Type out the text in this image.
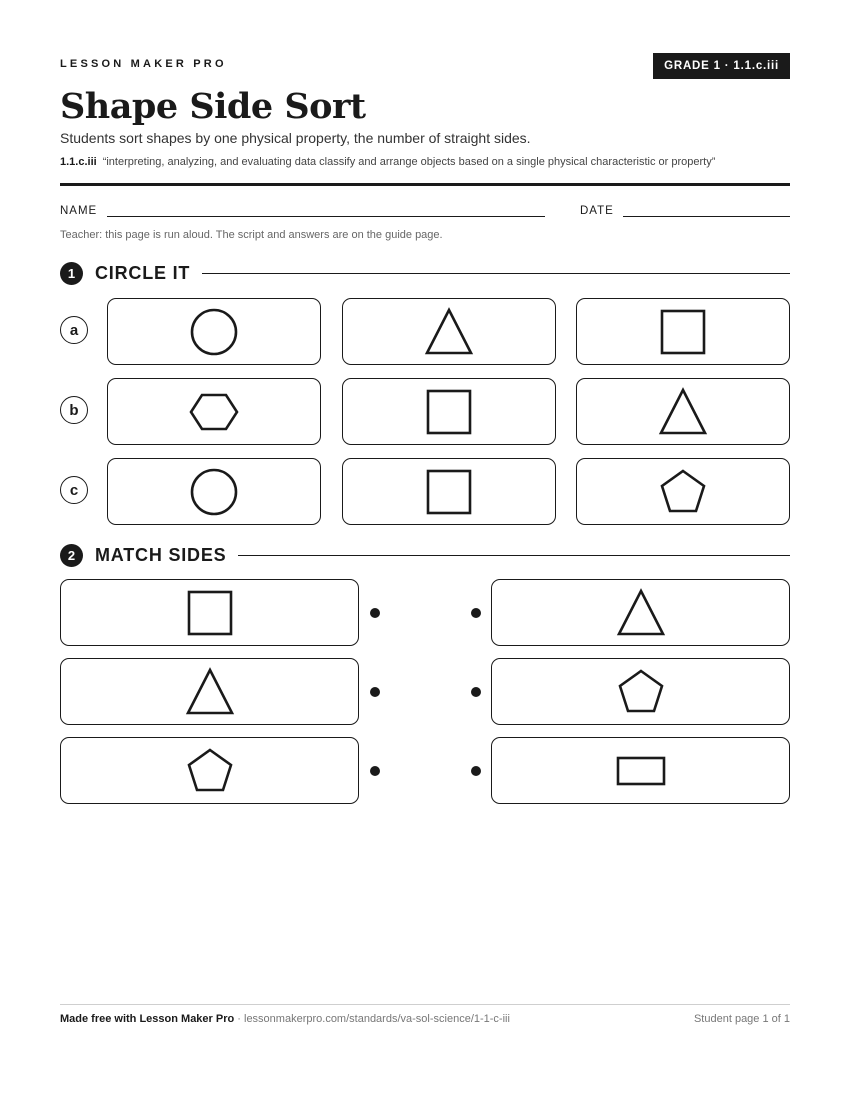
LESSON MAKER PRO	GRADE 1 · 1.1.c.iii
Shape Side Sort
Students sort shapes by one physical property, the number of straight sides.
1.1.c.iii “interpreting, analyzing, and evaluating data classify and arrange objects based on a single physical characteristic or property”
NAME	DATE
Teacher: this page is run aloud. The script and answers are on the guide page.
1	CIRCLE IT
a
b
c
2	MATCH SIDES
Made free with Lesson Maker Pro · lessonmakerpro.com/standards/va-sol-science/1-1-c-iii	Student page 1 of 1
